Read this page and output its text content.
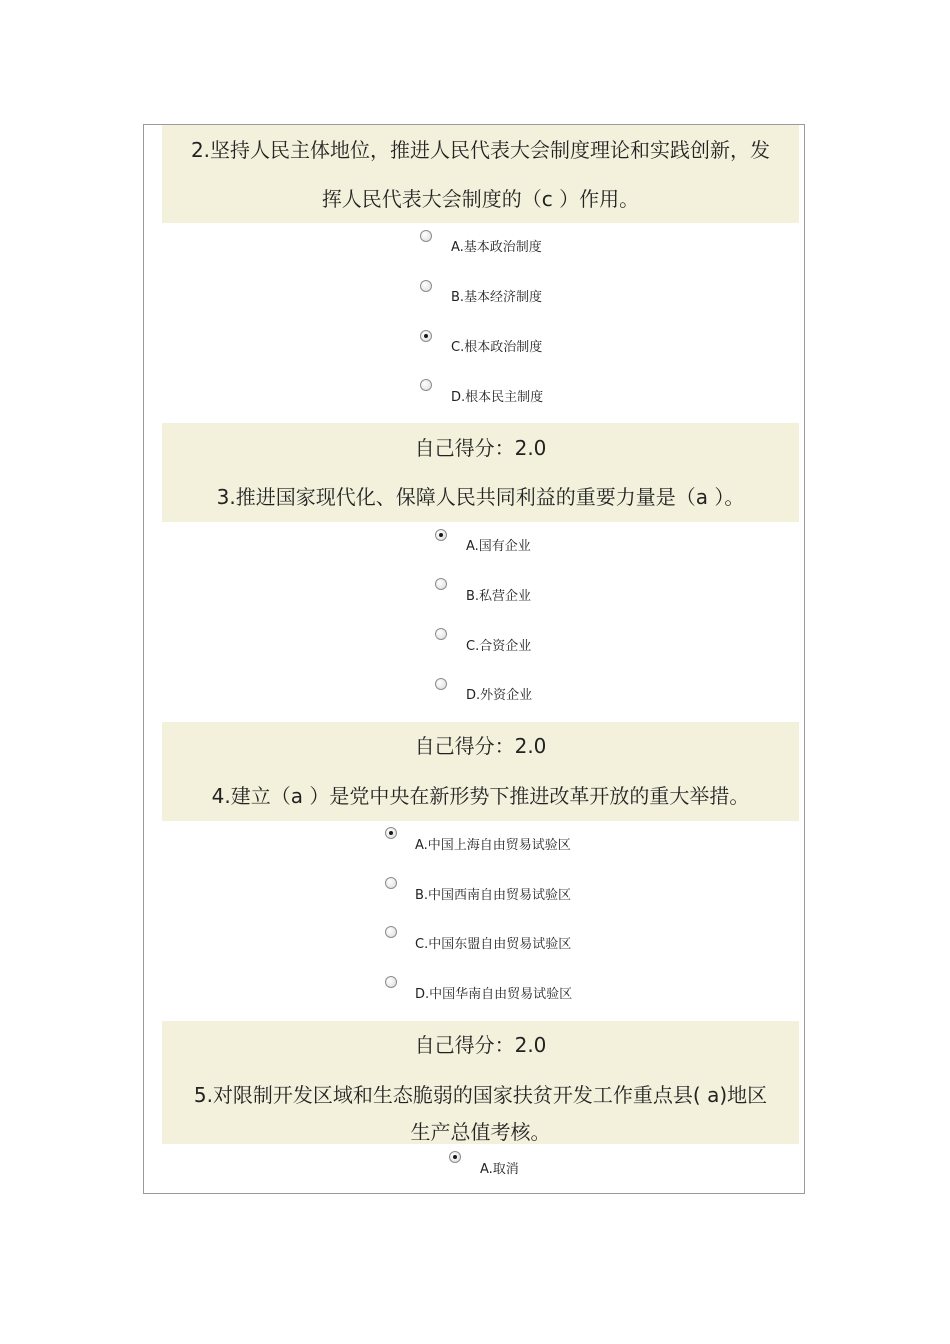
2.坚持人民主体地位，推进人民代表大会制度理论和实践创新，发
挥人民代表大会制度的（c ）作用。
A.基本政治制度
B.基本经济制度
C.根本政治制度
D.根本民主制度
自己得分：2.0
3.推进国家现代化、保障人民共同利益的重要力量是（a ）。
A.国有企业
B.私营企业
C.合资企业
D.外资企业
自己得分：2.0
4.建立（a ）是党中央在新形势下推进改革开放的重大举措。
A.中国上海自由贸易试验区
B.中国西南自由贸易试验区
C.中国东盟自由贸易试验区
D.中国华南自由贸易试验区
自己得分：2.0
5.对限制开发区域和生态脆弱的国家扶贫开发工作重点县( a)地区
生产总值考核。
A.取消
